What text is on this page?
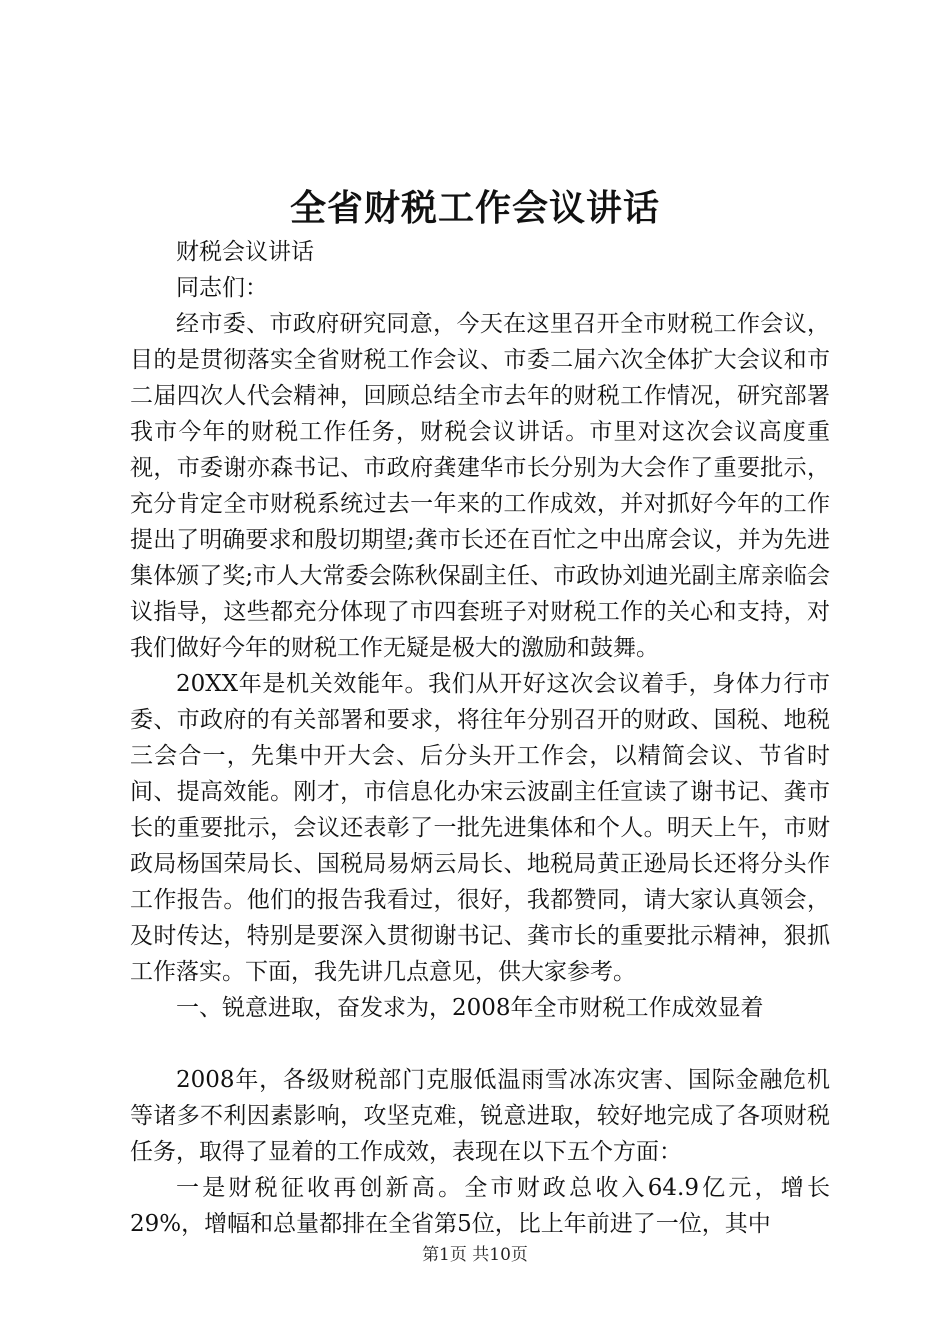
全省财税工作会议讲话

财税会议讲话

同志们：

经市委、市政府研究同意，今天在这里召开全市财税工作会议，目的是贯彻落实全省财税工作会议、市委二届六次全体扩大会议和市二届四次人代会精神，回顾总结全市去年的财税工作情况，研究部署我市今年的财税工作任务，财税会议讲话。市里对这次会议高度重视，市委谢亦森书记、市政府龚建华市长分别为大会作了重要批示，充分肯定全市财税系统过去一年来的工作成效，并对抓好今年的工作提出了明确要求和殷切期望;龚市长还在百忙之中出席会议，并为先进集体颁了奖;市人大常委会陈秋保副主任、市政协刘迪光副主席亲临会议指导，这些都充分体现了市四套班子对财税工作的关心和支持，对我们做好今年的财税工作无疑是极大的激励和鼓舞。

20XX年是机关效能年。我们从开好这次会议着手，身体力行市委、市政府的有关部署和要求，将往年分别召开的财政、国税、地税三会合一，先集中开大会、后分头开工作会，以精简会议、节省时间、提高效能。刚才，市信息化办宋云波副主任宣读了谢书记、龚市长的重要批示，会议还表彰了一批先进集体和个人。明天上午，市财政局杨国荣局长、国税局易炳云局长、地税局黄正逊局长还将分头作工作报告。他们的报告我看过，很好，我都赞同，请大家认真领会，及时传达，特别是要深入贯彻谢书记、龚市长的重要批示精神，狠抓工作落实。下面，我先讲几点意见，供大家参考。

一、锐意进取，奋发求为，2008年全市财税工作成效显着

2008年，各级财税部门克服低温雨雪冰冻灾害、国际金融危机等诸多不利因素影响，攻坚克难，锐意进取，较好地完成了各项财税任务，取得了显着的工作成效，表现在以下五个方面：

一是财税征收再创新高。全市财政总收入64.9亿元，增长29%，增幅和总量都排在全省第5位，比上年前进了一位，其中

第1页 共10页
